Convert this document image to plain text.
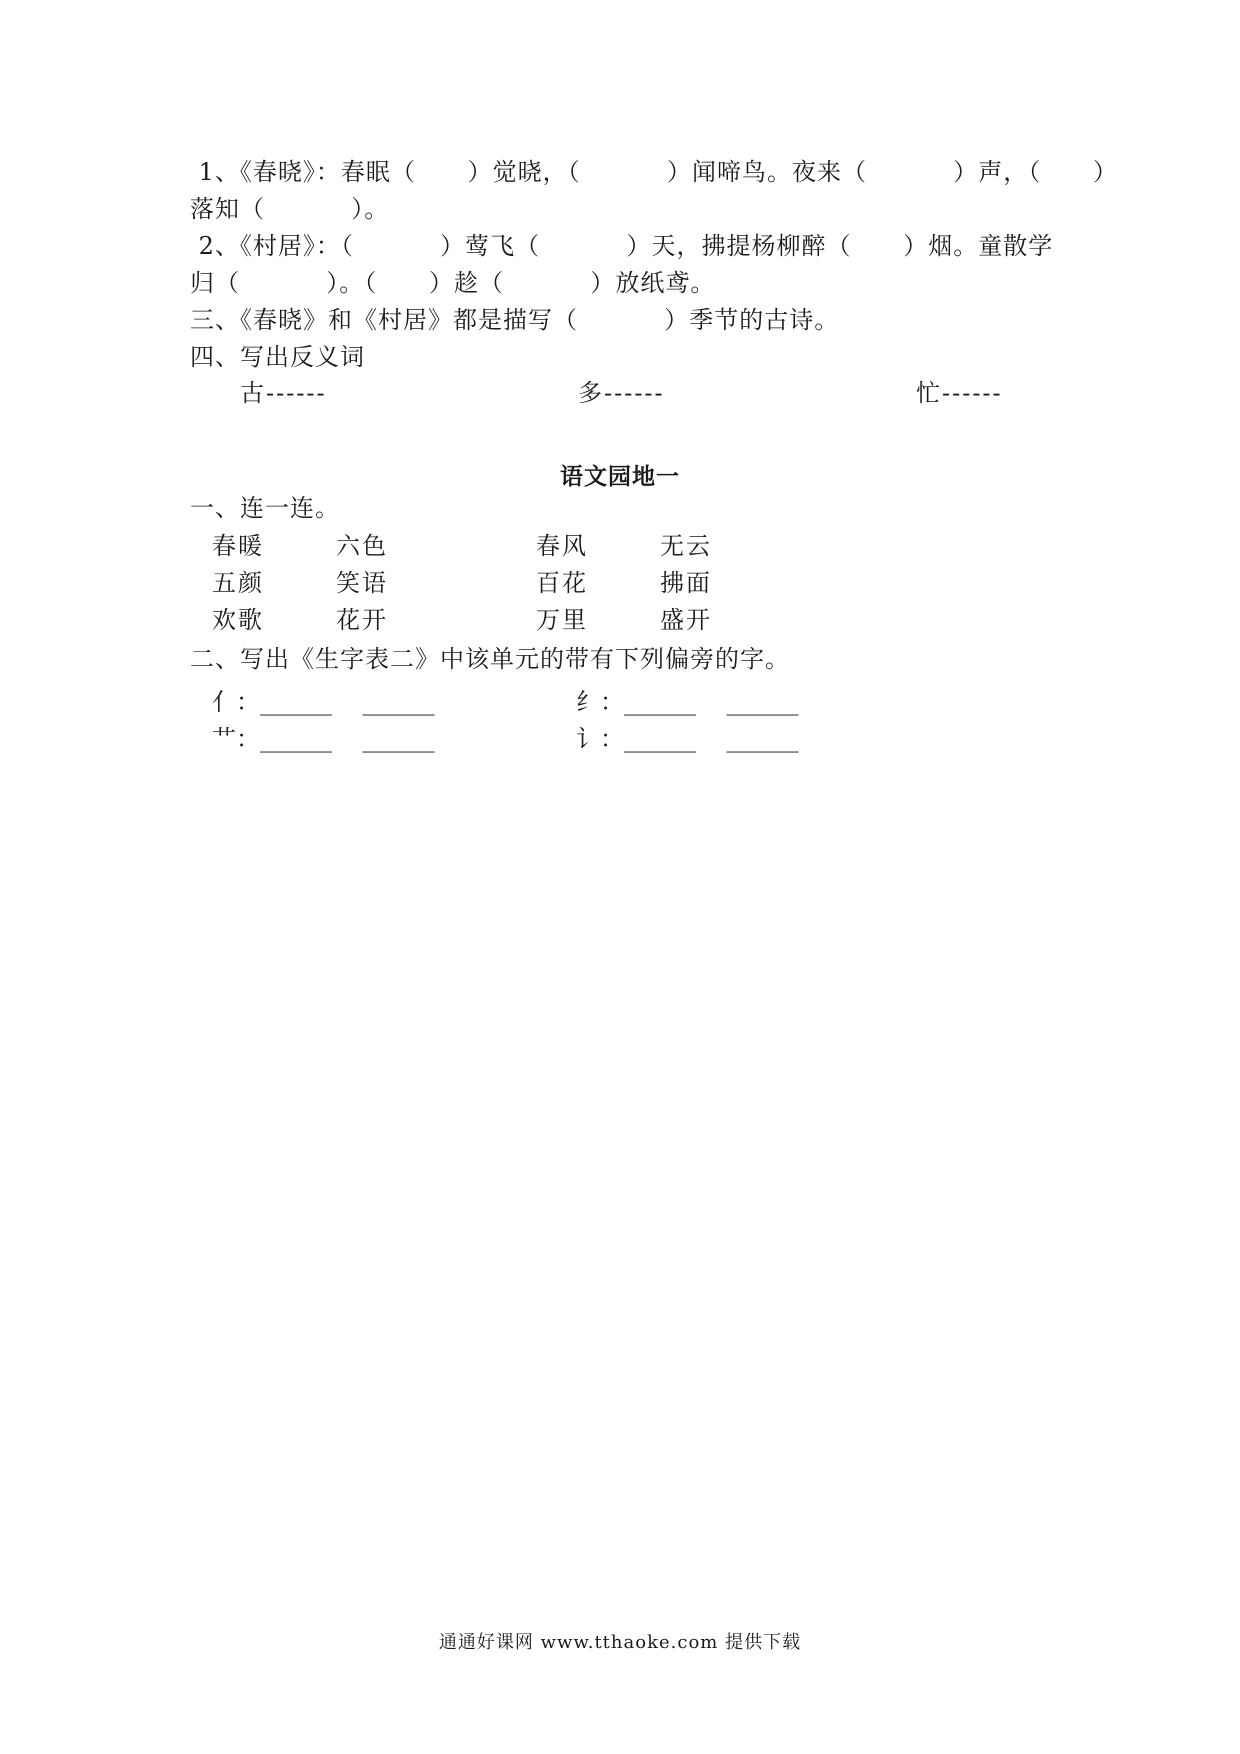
1、《春晓》：春眠（      ）觉晓，（          ）闻啼鸟。夜来（          ）声，（      ）
落知（          ）。
2、《村居》：（          ）莺飞（          ）天，拂提杨柳醉（      ）烟。童散学
归（          ）。（      ）趁（          ）放纸鸢。
三、《春晓》和《村居》都是描写（          ）季节的古诗。
四、写出反义词
古------	多------	忙------
语文园地一
一、连一连。
春暖	六色	春风	无云
五颜	笑语	百花	拂面
欢歌	花开	万里	盛开
二、写出《生字表二》中该单元的带有下列偏旁的字。
亻：______    ______	纟：______    ______
艹：______    ______	讠：______    ______
通通好课网 www.tthaoke.com 提供下载
